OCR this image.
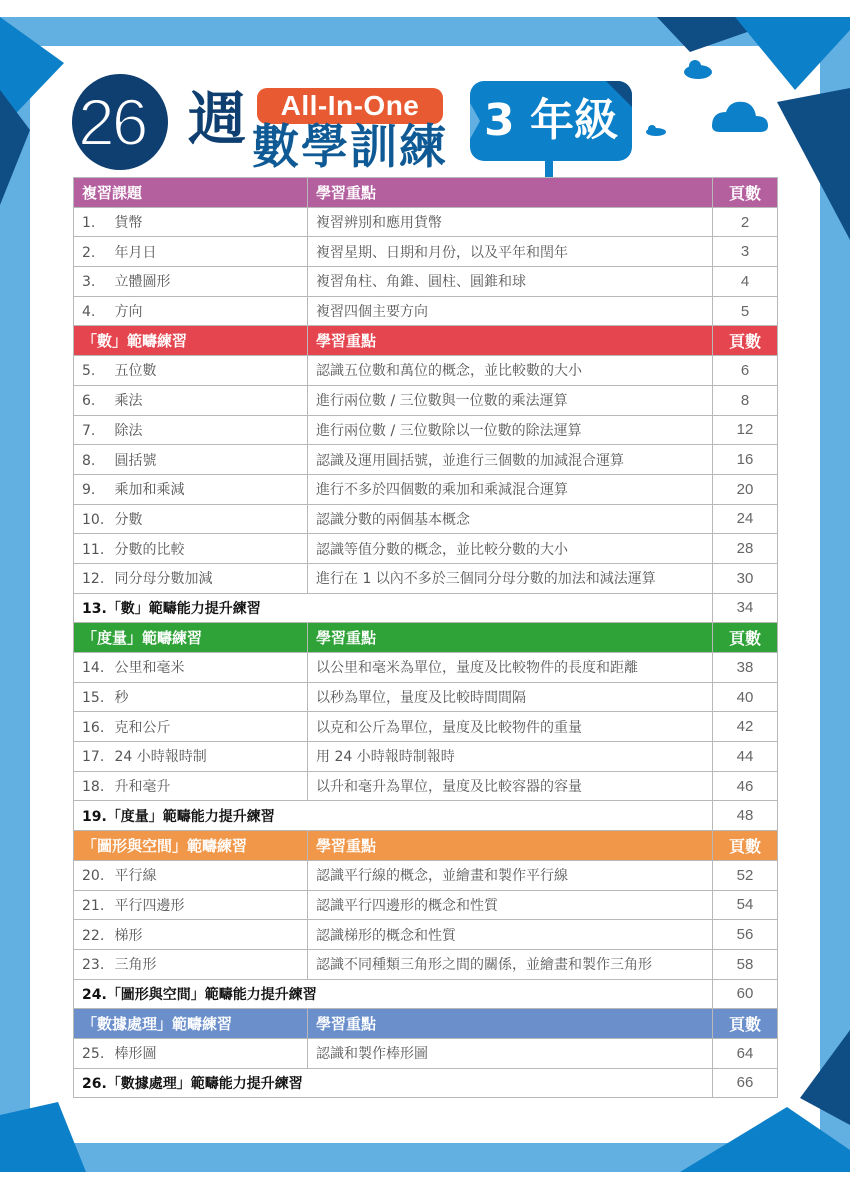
26 週	All-In-One
數學訓練 3 年級
複習課題	學習重點	頁數
1. 貨幣	複習辨別和應用貨幣	2
2. 年月日	複習星期、日期和月份，以及平年和閏年	3
3. 立體圖形	複習角柱、角錐、圓柱、圓錐和球	4
4. 方向	複習四個主要方向	5
「數」範疇練習	學習重點	頁數
5. 五位數	認識五位數和萬位的概念，並比較數的大小	6
6. 乘法	進行兩位數 / 三位數與一位數的乘法運算	8
7. 除法	進行兩位數 / 三位數除以一位數的除法運算	12
8. 圓括號	認識及運用圓括號，並進行三個數的加減混合運算	16
9. 乘加和乘減	進行不多於四個數的乘加和乘減混合運算	20
10. 分數	認識分數的兩個基本概念	24
11. 分數的比較	認識等值分數的概念，並比較分數的大小	28
12. 同分母分數加減	進行在 1 以內不多於三個同分母分數的加法和減法運算	30
13.「數」範疇能力提升練習		34
「度量」範疇練習	學習重點	頁數
14. 公里和毫米	以公里和毫米為單位，量度及比較物件的長度和距離	38
15. 秒	以秒為單位，量度及比較時間間隔	40
16. 克和公斤	以克和公斤為單位，量度及比較物件的重量	42
17. 24 小時報時制	用 24 小時報時制報時	44
18. 升和毫升	以升和毫升為單位，量度及比較容器的容量	46
19.「度量」範疇能力提升練習		48
「圖形與空間」範疇練習	學習重點	頁數
20. 平行線	認識平行線的概念，並繪畫和製作平行線	52
21. 平行四邊形	認識平行四邊形的概念和性質	54
22. 梯形	認識梯形的概念和性質	56
23. 三角形	認識不同種類三角形之間的關係，並繪畫和製作三角形	58
24.「圖形與空間」範疇能力提升練習		60
「數據處理」範疇練習	學習重點	頁數
25. 棒形圖	認識和製作棒形圖	64
26.「數據處理」範疇能力提升練習		66
